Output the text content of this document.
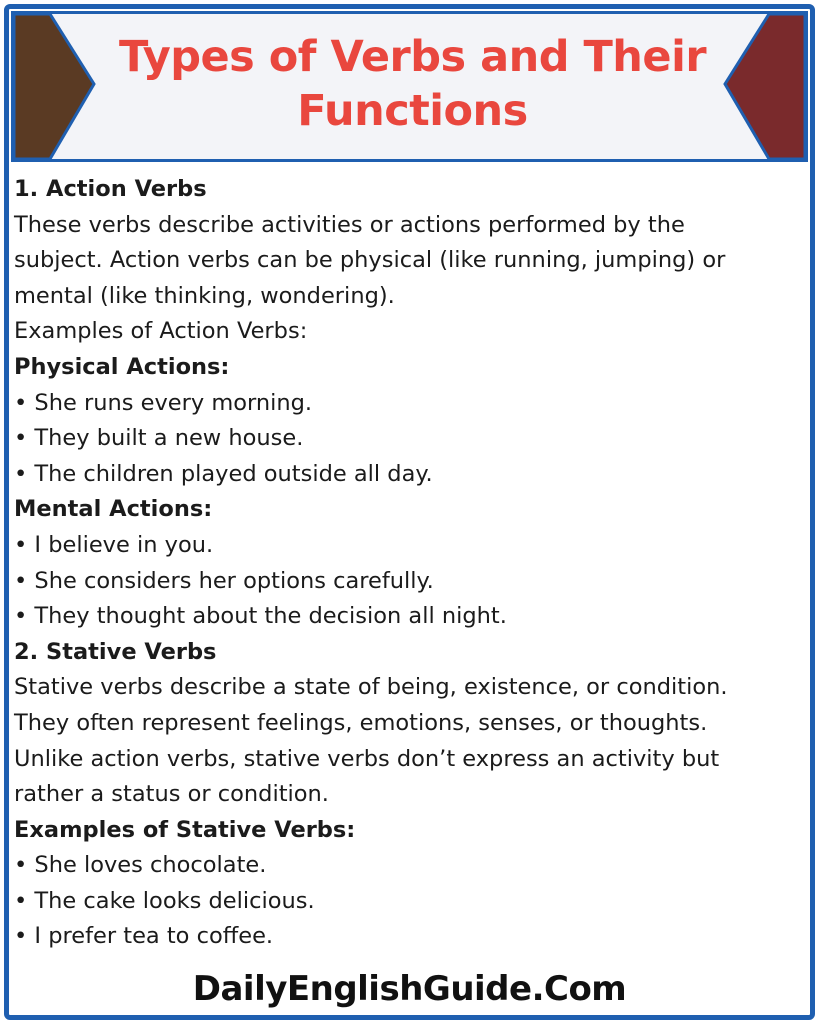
Types of Verbs and Their
Functions
1. Action Verbs
These verbs describe activities or actions performed by the
subject. Action verbs can be physical (like running, jumping) or
mental (like thinking, wondering).
Examples of Action Verbs:
Physical Actions:
• She runs every morning.
• They built a new house.
• The children played outside all day.
Mental Actions:
• I believe in you.
• She considers her options carefully.
• They thought about the decision all night.
2. Stative Verbs
Stative verbs describe a state of being, existence, or condition.
They often represent feelings, emotions, senses, or thoughts.
Unlike action verbs, stative verbs don’t express an activity but
rather a status or condition.
Examples of Stative Verbs:
• She loves chocolate.
• The cake looks delicious.
• I prefer tea to coffee.
DailyEnglishGuide.Com
